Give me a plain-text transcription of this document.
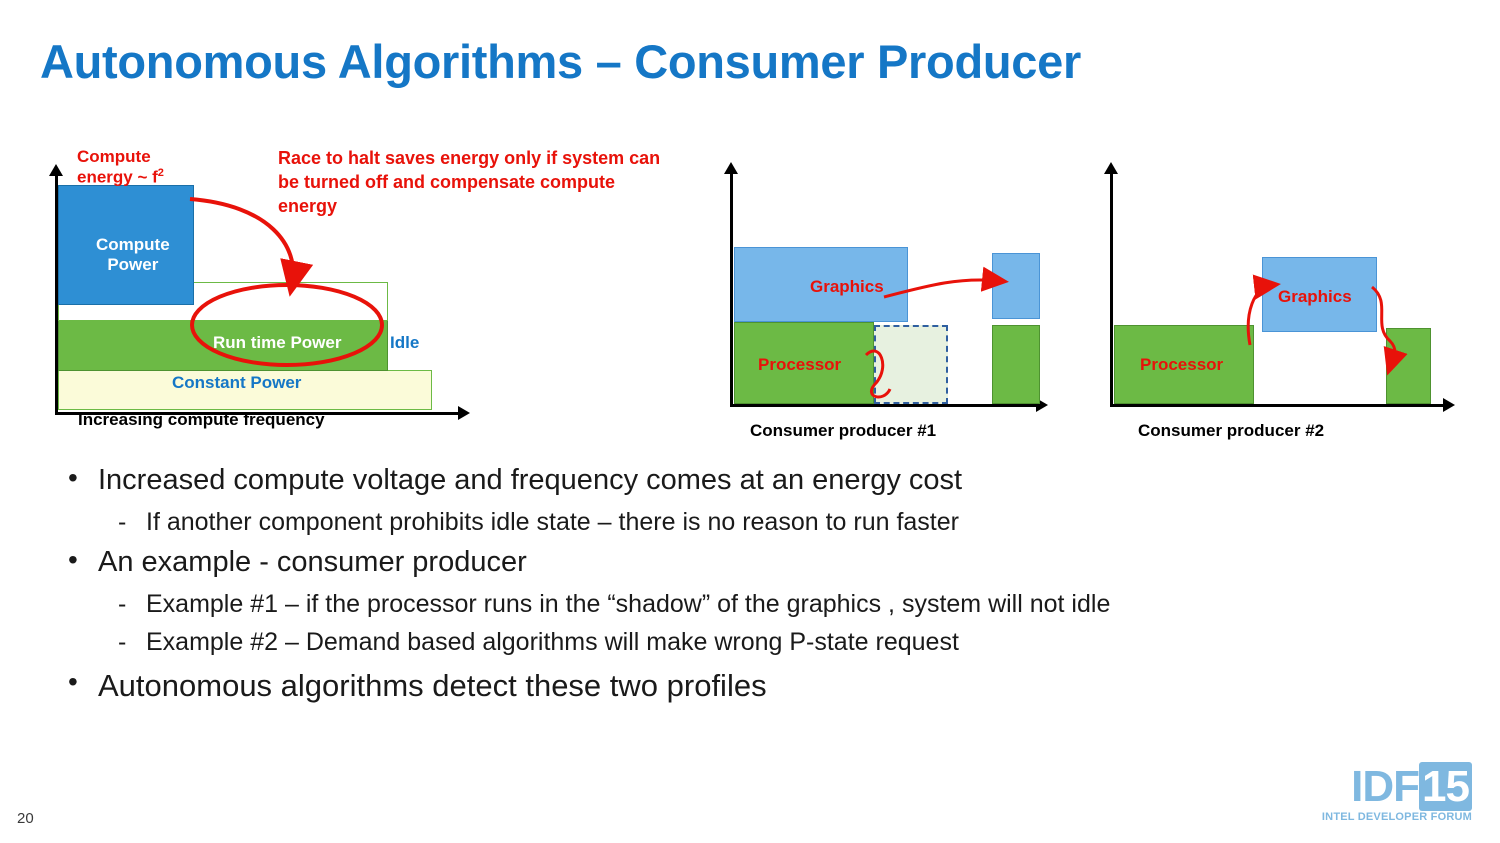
Autonomous Algorithms – Consumer Producer
Compute
energy ~ $f^2$
Compute
Power
Run time Power	Idle
Constant Power
Increasing compute frequency
Race to halt saves energy only if system can be turned off and compensate compute energy
Graphics
Processor
Consumer producer #1
Graphics
Processor
Consumer producer #2
• Increased compute voltage and frequency comes at an energy cost
- If another component prohibits idle state – there is no reason to run faster
• An example - consumer producer
- Example #1 – if the processor runs in the “shadow” of the graphics , system will not idle
- Example #2 – Demand based algorithms will make wrong P-state request
• Autonomous algorithms detect these two profiles
20
IDF15
INTEL DEVELOPER FORUM
